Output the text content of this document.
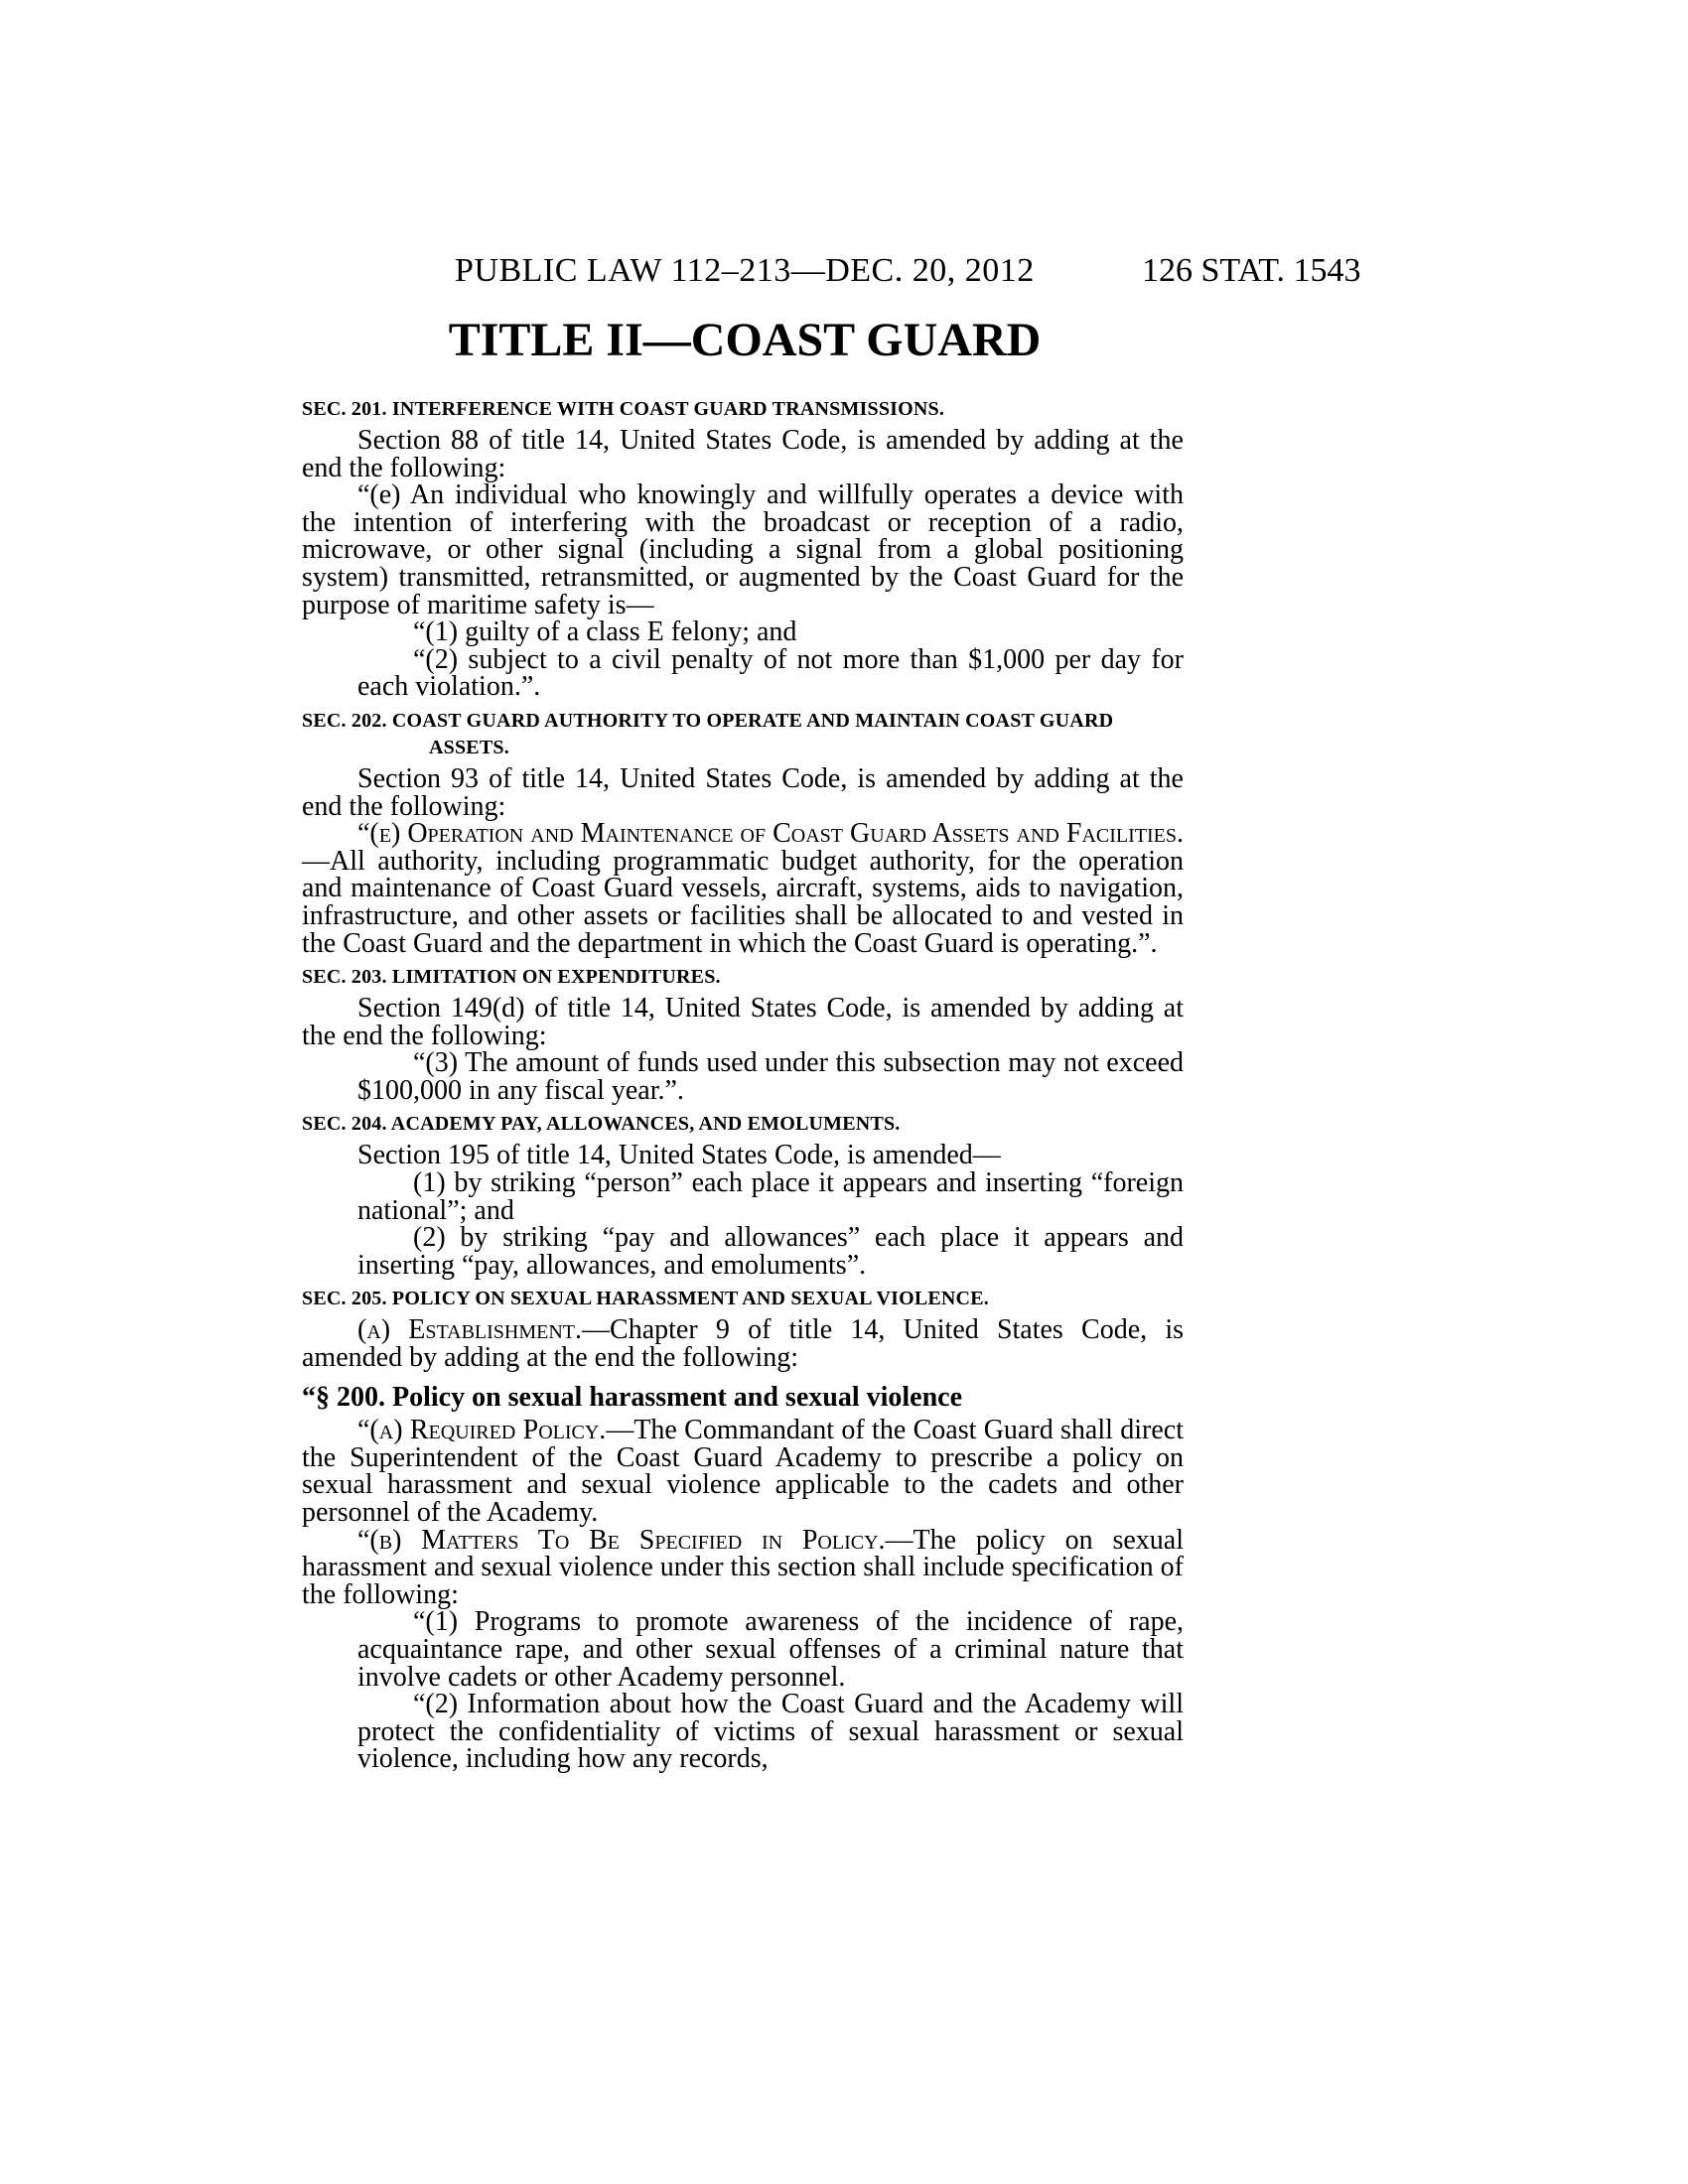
PUBLIC LAW 112–213—DEC. 20, 2012	126 STAT. 1543
TITLE II—COAST GUARD
SEC. 201. INTERFERENCE WITH COAST GUARD TRANSMISSIONS.

Section 88 of title 14, United States Code, is amended by adding at the end the following:

“(e) An individual who knowingly and willfully operates a device with the intention of interfering with the broadcast or reception of a radio, microwave, or other signal (including a signal from a global positioning system) transmitted, retransmitted, or augmented by the Coast Guard for the purpose of maritime safety is—

“(1) guilty of a class E felony; and

“(2) subject to a civil penalty of not more than $1,000 per day for each violation.”.

SEC. 202. COAST GUARD AUTHORITY TO OPERATE AND MAINTAIN COAST GUARD ASSETS.

Section 93 of title 14, United States Code, is amended by adding at the end the following:

“(e) Operation and Maintenance of Coast Guard Assets and Facilities.—All authority, including programmatic budget authority, for the operation and maintenance of Coast Guard vessels, aircraft, systems, aids to navigation, infrastructure, and other assets or facilities shall be allocated to and vested in the Coast Guard and the department in which the Coast Guard is operating.”.

SEC. 203. LIMITATION ON EXPENDITURES.

Section 149(d) of title 14, United States Code, is amended by adding at the end the following:

“(3) The amount of funds used under this subsection may not exceed $100,000 in any fiscal year.”.

SEC. 204. ACADEMY PAY, ALLOWANCES, AND EMOLUMENTS.

Section 195 of title 14, United States Code, is amended—

(1) by striking “person” each place it appears and inserting “foreign national”; and

(2) by striking “pay and allowances” each place it appears and inserting “pay, allowances, and emoluments”.

SEC. 205. POLICY ON SEXUAL HARASSMENT AND SEXUAL VIOLENCE.

(a) Establishment.—Chapter 9 of title 14, United States Code, is amended by adding at the end the following:

“§ 200. Policy on sexual harassment and sexual violence

“(a) Required Policy.—The Commandant of the Coast Guard shall direct the Superintendent of the Coast Guard Academy to prescribe a policy on sexual harassment and sexual violence applicable to the cadets and other personnel of the Academy.

“(b) Matters To Be Specified in Policy.—The policy on sexual harassment and sexual violence under this section shall include specification of the following:

“(1) Programs to promote awareness of the incidence of rape, acquaintance rape, and other sexual offenses of a criminal nature that involve cadets or other Academy personnel.

“(2) Information about how the Coast Guard and the Academy will protect the confidentiality of victims of sexual harassment or sexual violence, including how any records,
